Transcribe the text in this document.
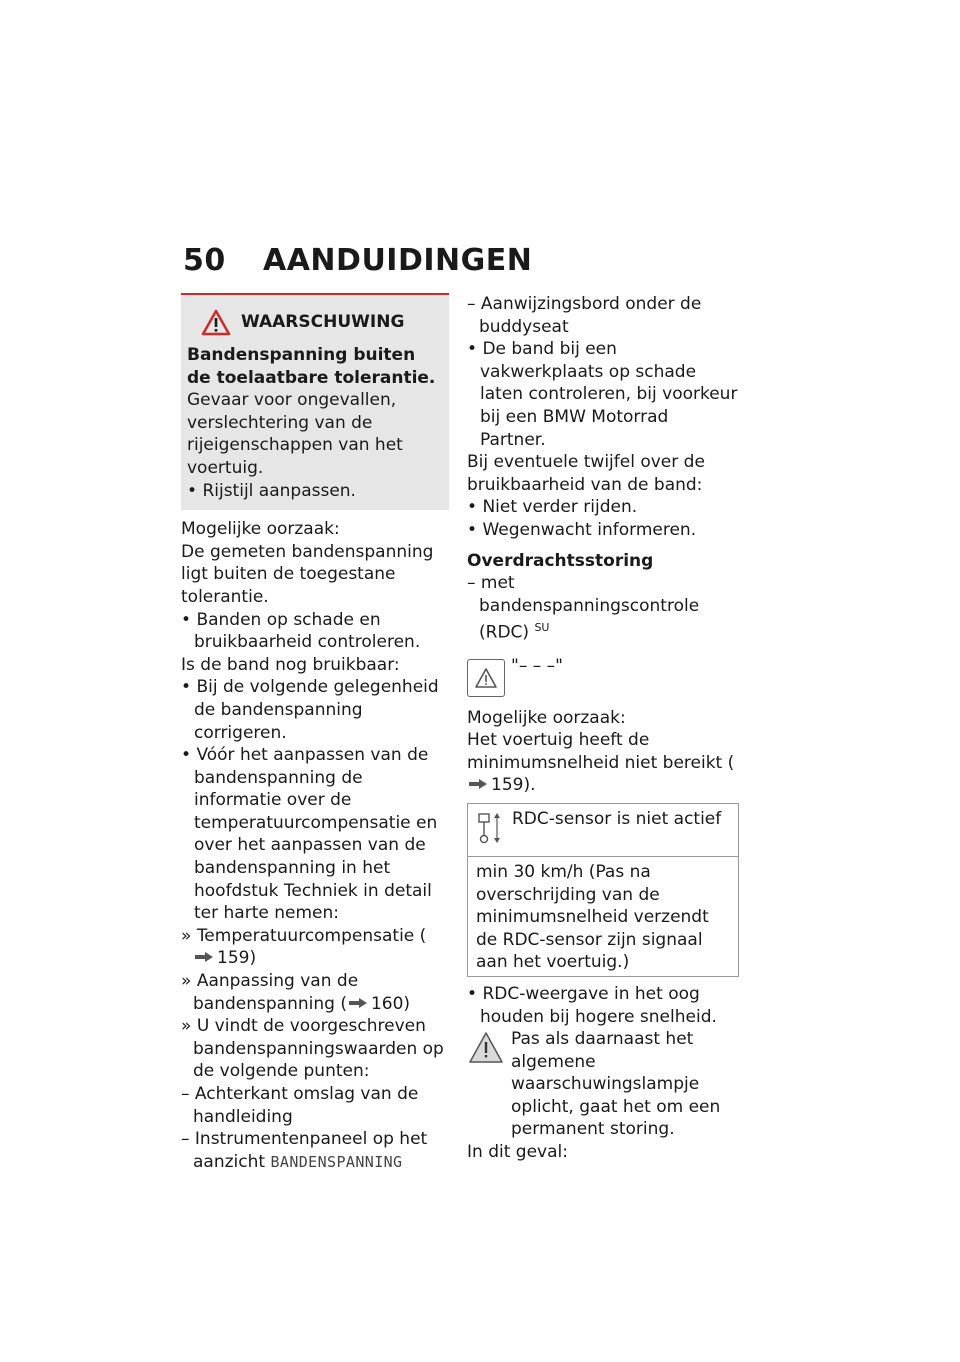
50 AANDUIDINGEN
WAARSCHUWING

Bandenspanning buiten de toelaatbare tolerantie.

Gevaar voor ongevallen, verslechtering van de rijeigenschappen van het voertuig.

• Rijstijl aanpassen.

Mogelijke oorzaak:

De gemeten bandenspanning ligt buiten de toegestane tolerantie.

• Banden op schade en bruikbaarheid controleren.

Is de band nog bruikbaar:

• Bij de volgende gelegenheid de bandenspanning corrigeren.

• Vóór het aanpassen van de bandenspanning de informatie over de temperatuurcompensatie en over het aanpassen van de bandenspanning in het hoofdstuk Techniek in detail ter harte nemen:

» Temperatuurcompensatie (159)

» Aanpassing van de bandenspanning ( 160)

» U vindt de voorgeschreven bandenspanningswaarden op de volgende punten:

– Achterkant omslag van de handleiding

– Instrumentenpaneel op het aanzicht BANDENSPANNING

– Aanwijzingsbord onder de buddyseat

• De band bij een vakwerkplaats op schade laten controleren, bij voorkeur bij een BMW Motorrad Partner.

Bij eventuele twijfel over de bruikbaarheid van de band:

• Niet verder rijden.

• Wegenwacht informeren.

Overdrachtsstoring

– met bandenspanningscontrole (RDC) $^{SU}$

"– – –"

Mogelijke oorzaak:

Het voertuig heeft de minimumsnelheid niet bereikt (159).

RDC-sensor is niet actief
min 30 km/h (Pas na overschrijding van de minimumsnelheid verzendt de RDC-sensor zijn signaal aan het voertuig.)

• RDC-weergave in het oog houden bij hogere snelheid.

Pas als daarnaast het algemene waarschuwingslampje oplicht, gaat het om een permanent storing.

In dit geval:
